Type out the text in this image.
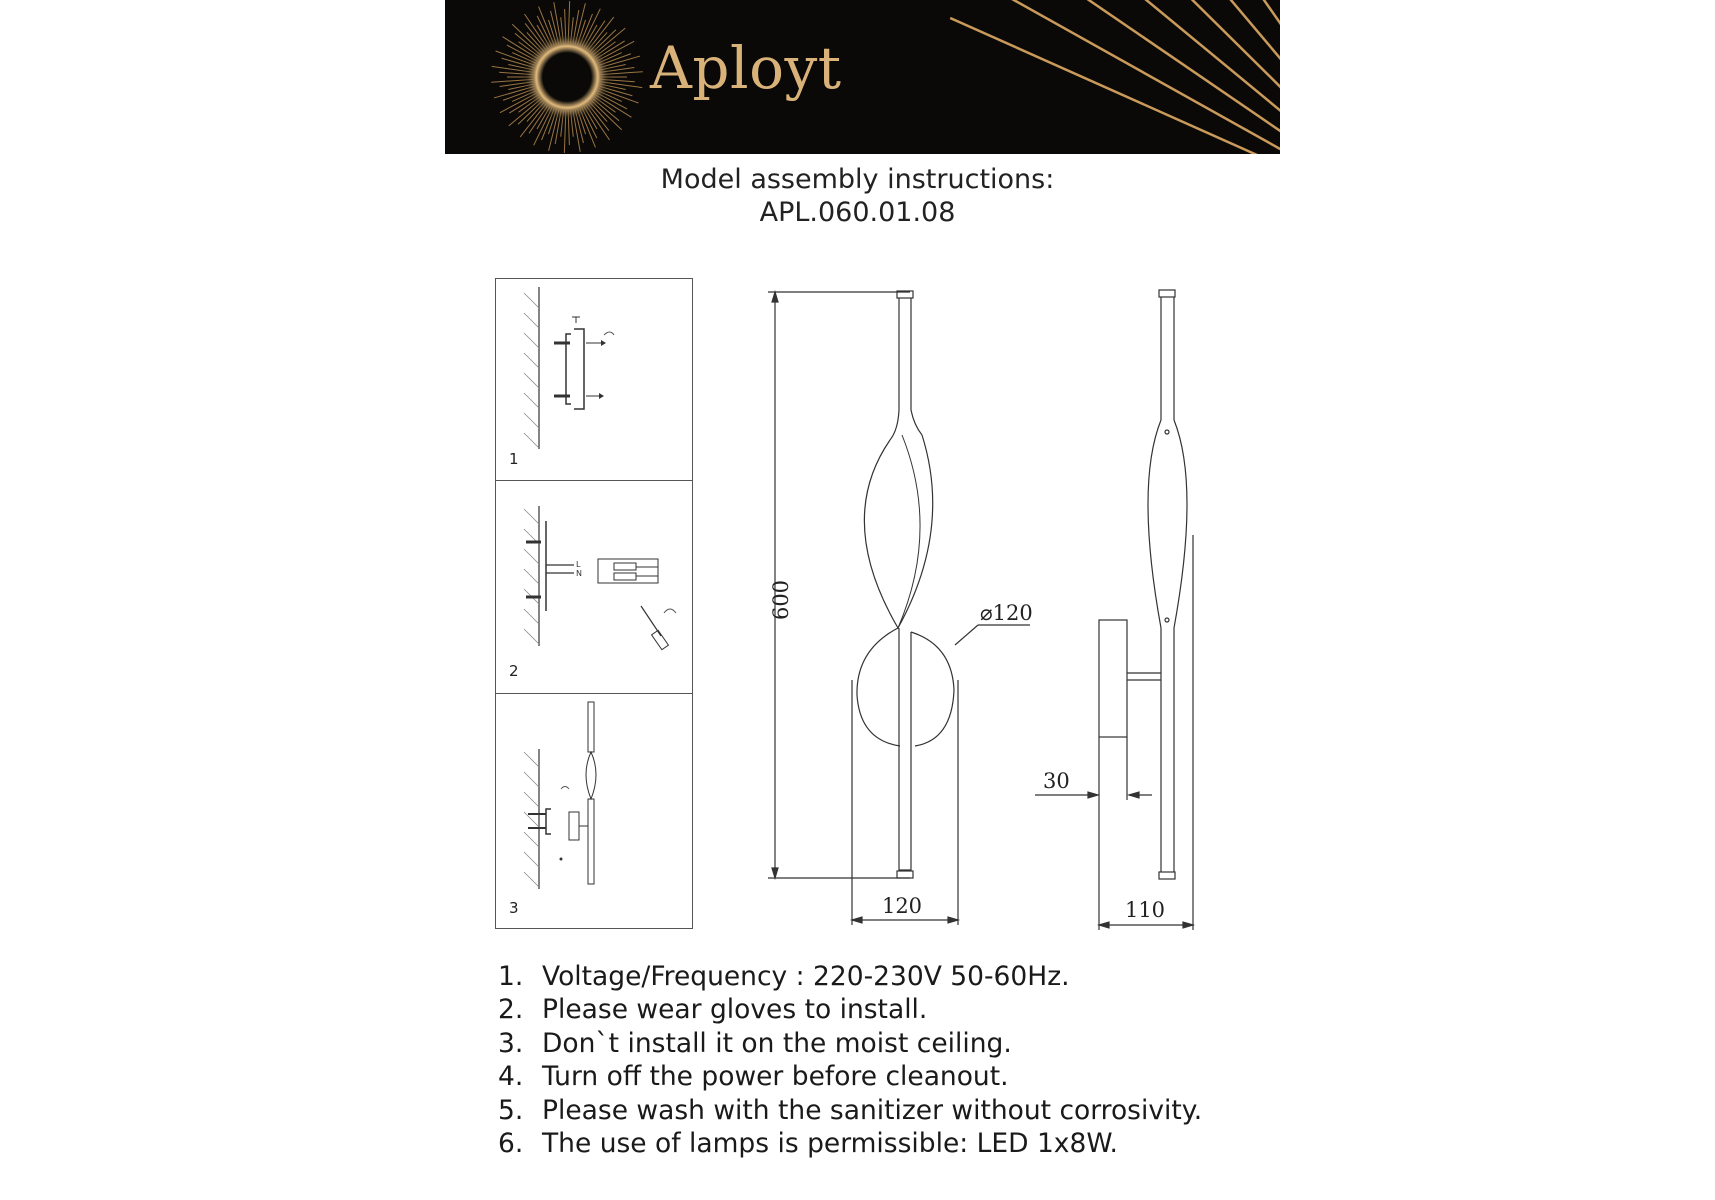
Aployt
Model assembly instructions:
APL.060.01.08
1
L
N
2
3
600	⌀120
120	110
30
1. Voltage/Frequency : 220-230V 50-60Hz.
2. Please wear gloves to install.
3. Don`t install it on the moist ceiling.
4. Turn off the power before cleanout.
5. Please wash with the sanitizer without corrosivity.
6. The use of lamps is permissible: LED 1x8W.
